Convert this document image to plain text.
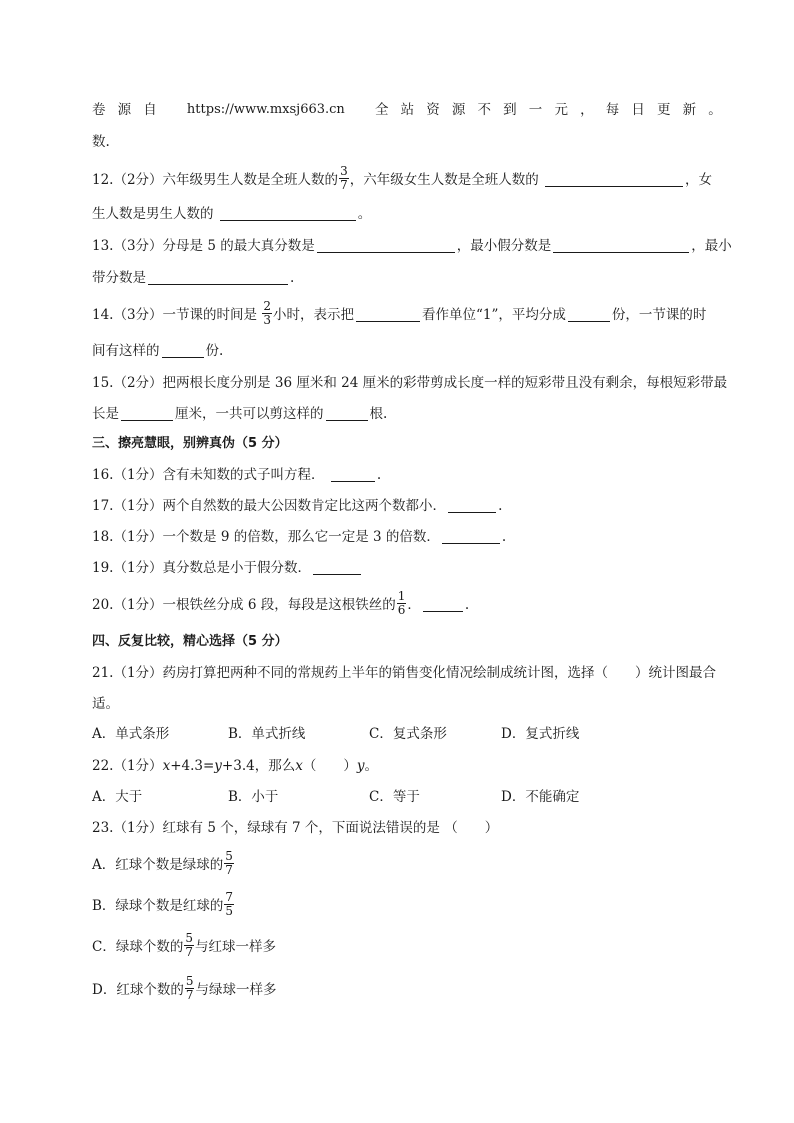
卷 源 自 https://www.mxsj663.cn 全 站 资 源 不 到 一 元 ， 每 日 更 新 。
数.
12.（2分）六年级男生人数是全班人数的 $\frac{3}{7}$ ，六年级女生人数是全班人数的	，女
生人数是男生人数的	。
13.（3分）分母是 5 的最大真分数是	，最小假分数是	，最小
带分数是	.
14.（3分）一节课的时间是 $\frac{2}{3}$ 小时，表示把	看作单位“1”，平均分成	份，一节课的时
间有这样的	份.
15.（2分）把两根长度分别是 36 厘米和 24 厘米的彩带剪成长度一样的短彩带且没有剩余，每根短彩带最
长是	厘米，一共可以剪这样的	根.
三、擦亮慧眼，别辨真伪（5 分）
16.（1分）含有未知数的式子叫方程．	.
17.（1分）两个自然数的最大公因数肯定比这两个数都小．	.
18.（1分）一个数是 9 的倍数，那么它一定是 3 的倍数．	.
19.（1分）真分数总是小于假分数．
20.（1分）一根铁丝分成 6 段，每段是这根铁丝的 $\frac{1}{6}$ ．	.
四、反复比较，精心选择（5 分）
21.（1分）药房打算把两种不同的常规药上半年的销售变化情况绘制成统计图，选择（　　）统计图最合
适。
A．单式条形	B．单式折线	C．复式条形	D．复式折线
22.（1分）x+4.3=y+3.4，那么x（　　）y。
A．大于	B．小于	C．等于	D．不能确定
23.（1分）红球有 5 个，绿球有 7 个，下面说法错误的是 （　　）
A．红球个数是绿球的 $\frac{5}{7}$
B．绿球个数是红球的 $\frac{7}{5}$
C．绿球个数的 $\frac{5}{7}$ 与红球一样多
D．红球个数的 $\frac{5}{7}$ 与绿球一样多
